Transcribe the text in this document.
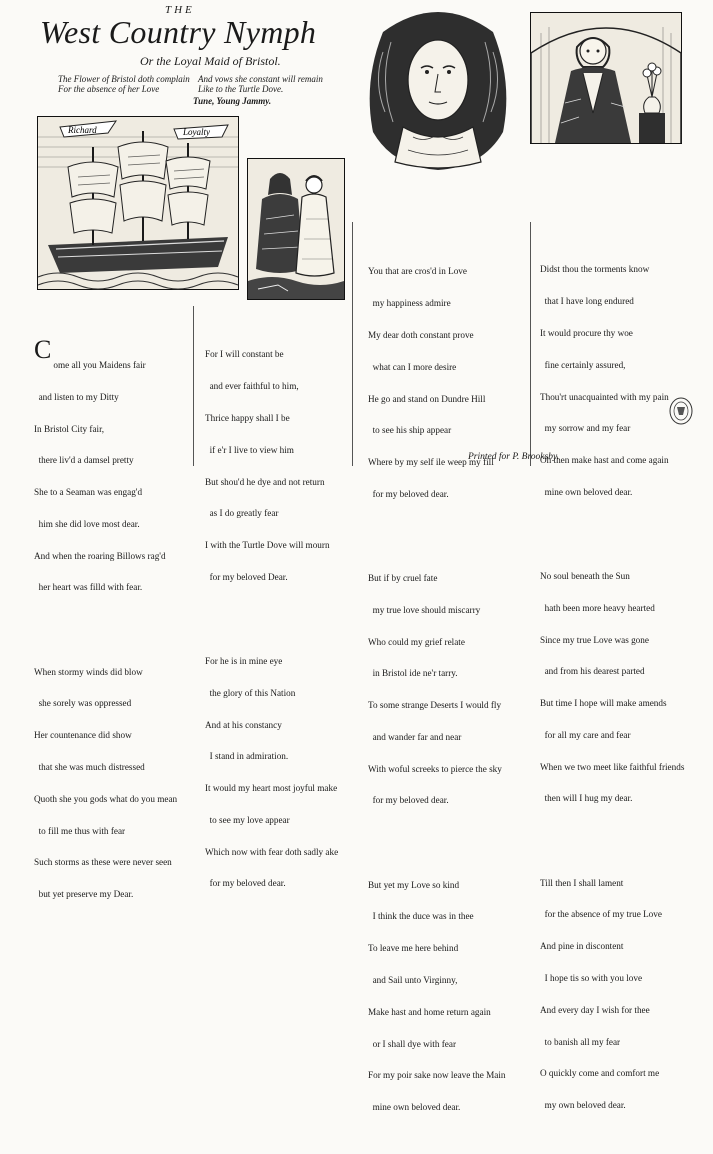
THE
West Country Nymph
Or the Loyal Maid of Bristol.
The Flower of Bristol doth complain
For the absence of her Love
And vows she constant will remain
Like to the Turtle Dove.
Tune, Young Jammy.
Richard	Loyalty

C

ome all you Maidens fair

and listen to my Ditty

In Bristol City fair,

there liv'd a damsel pretty

She to a Seaman was engag'd

him she did love most dear.

And when the roaring Billows rag'd

her heart was filld with fear.

When stormy winds did blow

she sorely was oppressed

Her countenance did show

that she was much distressed

Quoth she you gods what do you mean

to fill me thus with fear

Such storms as these were never seen

but yet preserve my Dear.

For I will constant be

and ever faithful to him,

Thrice happy shall I be

if e'r I live to view him

But shou'd he dye and not return

as I do greatly fear

I with the Turtle Dove will mourn

for my beloved Dear.

For he is in mine eye

the glory of this Nation

And at his constancy

I stand in admiration.

It would my heart most joyful make

to see my love appear

Which now with fear doth sadly ake

for my beloved dear.

You that are cros'd in Love

my happiness admire

My dear doth constant prove

what can I more desire

He go and stand on Dundre Hill

to see his ship appear

Where by my self ile weep my fill

for my beloved dear.

But if by cruel fate

my true love should miscarry

Who could my grief relate

in Bristol ide ne'r tarry.

To some strange Deserts I would fly

and wander far and near

With woful screeks to pierce the sky

for my beloved dear.

But yet my Love so kind

I think the duce was in thee

To leave me here behind

and Sail unto Virginny,

Make hast and home return again

or I shall dye with fear

For my poir sake now leave the Main

mine own beloved dear.

Didst thou the torments know

that I have long endured

It would procure thy woe

fine certainly assured,

Thou'rt unacquainted with my pain

my sorrow and my fear

Oh then make hast and come again

mine own beloved dear.

No soul beneath the Sun

hath been more heavy hearted

Since my true Love was gone

and from his dearest parted

But time I hope will make amends

for all my care and fear

When we two meet like faithful friends

then will I hug my dear.

Till then I shall lament

for the absence of my true Love

And pine in discontent

I hope tis so with you love

And every day I wish for thee

to banish all my fear

O quickly come and comfort me

my own beloved dear.

Printed for P. Brooksby.
